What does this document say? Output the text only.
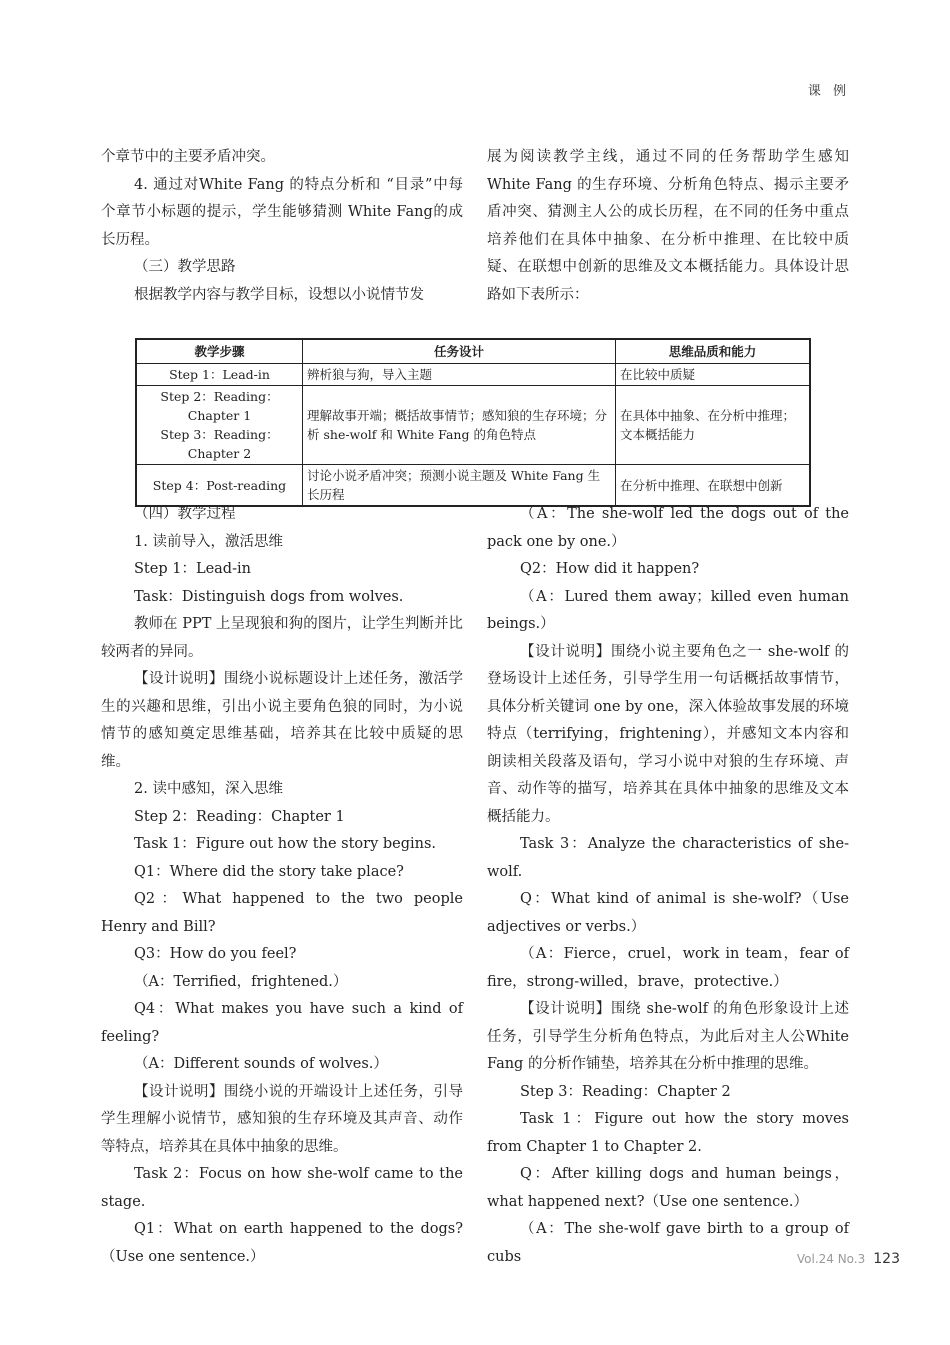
课 例

个章节中的主要矛盾冲突。

4. 通过对White Fang 的特点分析和 “目录”中每个章节小标题的提示，学生能够猜测 White Fang的成长历程。

（三）教学思路

根据教学内容与教学目标，设想以小说情节发

展为阅读教学主线，通过不同的任务帮助学生感知White Fang 的生存环境、分析角色特点、揭示主要矛盾冲突、猜测主人公的成长历程，在不同的任务中重点培养他们在具体中抽象、在分析中推理、在比较中质疑、在联想中创新的思维及文本概括能力。具体设计思路如下表所示：

教学步骤	任务设计	思维品质和能力
Step 1：Lead-in	辨析狼与狗，导入主题	在比较中质疑
Step 2：Reading：Chapter 1
Step 3：Reading：Chapter 2	理解故事开端；概括故事情节；感知狼的生存环境；分析 she-wolf 和 White Fang 的角色特点	在具体中抽象、在分析中推理；文本概括能力
Step 4：Post-reading	讨论小说矛盾冲突；预测小说主题及 White Fang 生长历程	在分析中推理、在联想中创新

（四）教学过程

1. 读前导入，激活思维

Step 1：Lead-in

Task：Distinguish dogs from wolves.

教师在 PPT 上呈现狼和狗的图片，让学生判断并比较两者的异同。

【设计说明】围绕小说标题设计上述任务，激活学生的兴趣和思维，引出小说主要角色狼的同时，为小说情节的感知奠定思维基础，培养其在比较中质疑的思维。

2. 读中感知，深入思维

Step 2：Reading：Chapter 1

Task 1：Figure out how the story begins.

Q1：Where did the story take place?

Q2：What happened to the two people Henry and Bill?

Q3：How do you feel?

（A：Terrified，frightened.）

Q4：What makes you have such a kind of feeling?

（A：Different sounds of wolves.）

【设计说明】围绕小说的开端设计上述任务，引导学生理解小说情节，感知狼的生存环境及其声音、动作等特点，培养其在具体中抽象的思维。

Task 2：Focus on how she-wolf came to the stage.

Q1：What on earth happened to the dogs?（Use one sentence.）

（A：The she-wolf led the dogs out of the pack one by one.）

Q2：How did it happen?

（A：Lured them away；killed even human beings.）

【设计说明】围绕小说主要角色之一 she-wolf 的登场设计上述任务，引导学生用一句话概括故事情节，具体分析关键词 one by one，深入体验故事发展的环境特点（terrifying，frightening），并感知文本内容和朗读相关段落及语句，学习小说中对狼的生存环境、声音、动作等的描写，培养其在具体中抽象的思维及文本概括能力。

Task 3：Analyze the characteristics of she-wolf.

Q：What kind of animal is she-wolf?（Use adjectives or verbs.）

（A：Fierce，cruel，work in team，fear of fire，strong-willed，brave，protective.）

【设计说明】围绕 she-wolf 的角色形象设计上述任务，引导学生分析角色特点，为此后对主人公White Fang 的分析作铺垫，培养其在分析中推理的思维。

Step 3：Reading：Chapter 2

Task 1：Figure out how the story moves from Chapter 1 to Chapter 2.

Q：After killing dogs and human beings，what happened next?（Use one sentence.）

（A：The she-wolf gave birth to a group of cubs	Vol.24 No.3 123
